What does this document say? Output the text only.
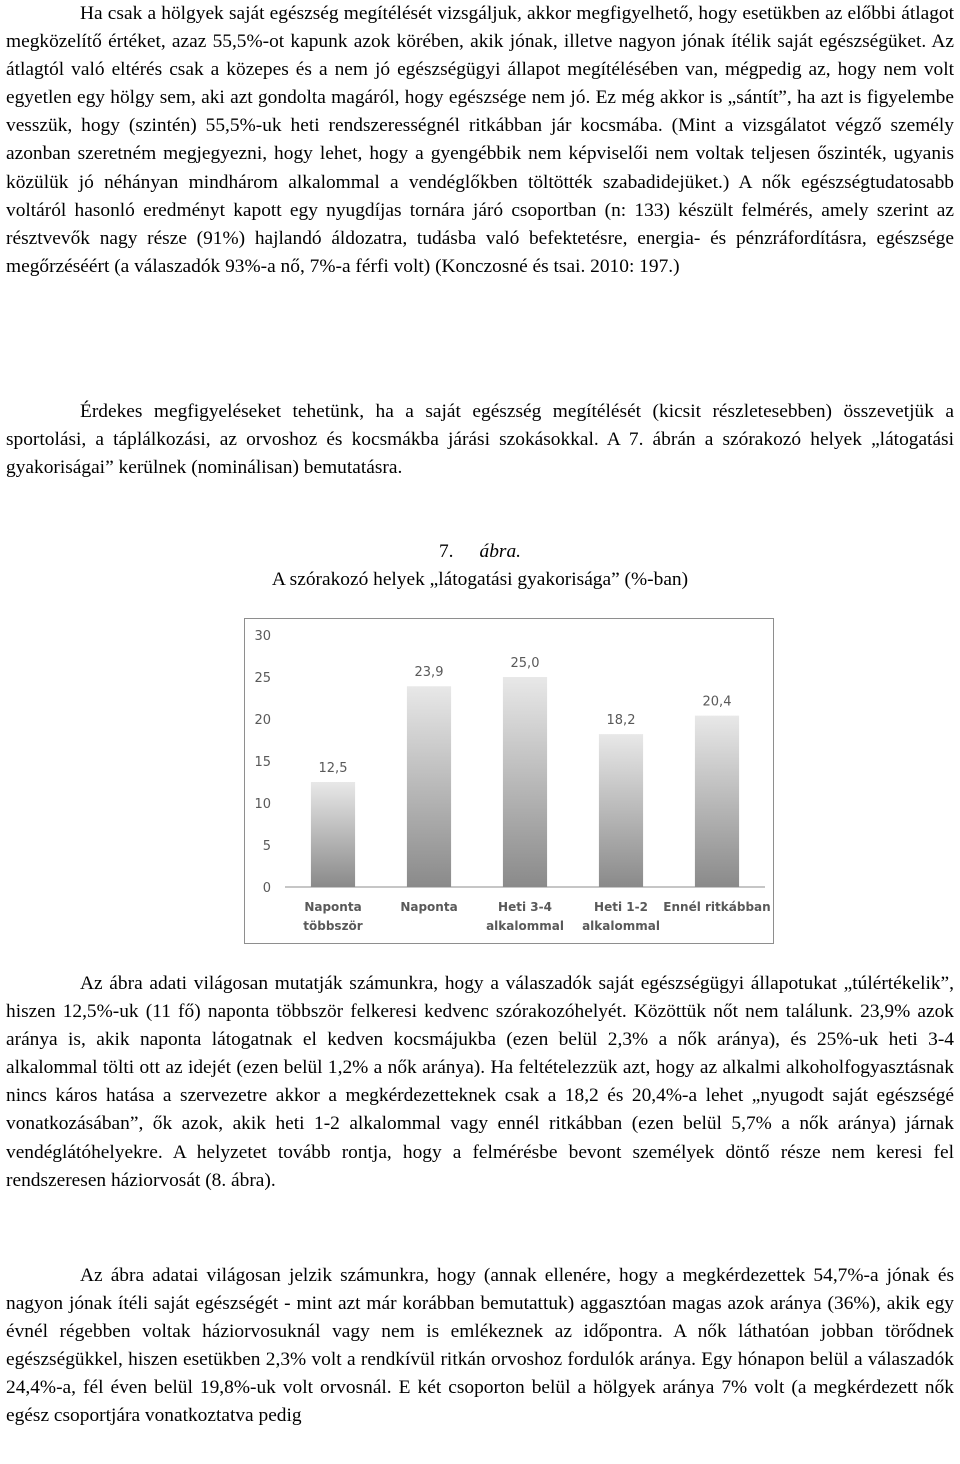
Ha csak a hölgyek saját egészség megítélését vizsgáljuk, akkor megfigyelhető, hogy esetükben az előbbi átlagot megközelítő értéket, azaz 55,5%-ot kapunk azok körében, akik jónak, illetve nagyon jónak ítélik saját egészségüket. Az átlagtól való eltérés csak a közepes és a nem jó egészségügyi állapot megítélésében van, mégpedig az, hogy nem volt egyetlen egy hölgy sem, aki azt gondolta magáról, hogy egészsége nem jó. Ez még akkor is „sántít”, ha azt is figyelembe vesszük, hogy (szintén) 55,5%-uk heti rendszerességnél ritkábban jár kocsmába. (Mint a vizsgálatot végző személy azonban szeretném megjegyezni, hogy lehet, hogy a gyengébbik nem képviselői nem voltak teljesen őszinték, ugyanis közülük jó néhányan mindhárom alkalommal a vendéglőkben töltötték szabadidejüket.) A nők egészségtudatosabb voltáról hasonló eredményt kapott egy nyugdíjas tornára járó csoportban (n: 133) készült felmérés, amely szerint az résztvevők nagy része (91%) hajlandó áldozatra, tudásba való befektetésre, energia- és pénzráfordításra, egészsége megőrzéséért (a válaszadók 93%-a nő, 7%-a férfi volt) (Konczosné és tsai. 2010: 197.)

Érdekes megfigyeléseket tehetünk, ha a saját egészség megítélését (kicsit részletesebben) összevetjük a sportolási, a táplálkozási, az orvoshoz és kocsmákba járási szokásokkal. A 7. ábrán a szórakozó helyek „látogatási gyakoriságai” kerülnek (nominálisan) bemutatásra.

7. ábra.

A szórakozó helyek „látogatási gyakorisága” (%-ban)

0
5
10
15
20
25
30
12,5
Naponta
többször
23,9
Naponta
25,0
Heti 3-4
alkalommal
18,2
Heti 1-2
alkalommal
20,4
Ennél ritkábban

Az ábra adati világosan mutatják számunkra, hogy a válaszadók saját egészségügyi állapotukat „túlértékelik”, hiszen 12,5%-uk (11 fő) naponta többször felkeresi kedvenc szórakozóhelyét. Közöttük nőt nem találunk. 23,9% azok aránya is, akik naponta látogatnak el kedven kocsmájukba (ezen belül 2,3% a nők aránya), és 25%-uk heti 3-4 alkalommal tölti ott az idejét (ezen belül 1,2% a nők aránya). Ha feltételezzük azt, hogy az alkalmi alkoholfogyasztásnak nincs káros hatása a szervezetre akkor a megkérdezetteknek csak a 18,2 és 20,4%-a lehet „nyugodt saját egészségé vonatkozásában”, ők azok, akik heti 1-2 alkalommal vagy ennél ritkábban (ezen belül 5,7% a nők aránya) járnak vendéglátóhelyekre. A helyzetet tovább rontja, hogy a felmérésbe bevont személyek döntő része nem keresi fel rendszeresen háziorvosát (8. ábra).

Az ábra adatai világosan jelzik számunkra, hogy (annak ellenére, hogy a megkérdezettek 54,7%-a jónak és nagyon jónak ítéli saját egészségét - mint azt már korábban bemutattuk) aggasztóan magas azok aránya (36%), akik egy évnél régebben voltak háziorvosuknál vagy nem is emlékeznek az időpontra. A nők láthatóan jobban törődnek egészségükkel, hiszen esetükben 2,3% volt a rendkívül ritkán orvoshoz fordulók aránya. Egy hónapon belül a válaszadók 24,4%-a, fél éven belül 19,8%-uk volt orvosnál. E két csoporton belül a hölgyek aránya 7% volt (a megkérdezett nők egész csoportjára vonatkoztatva pedig
